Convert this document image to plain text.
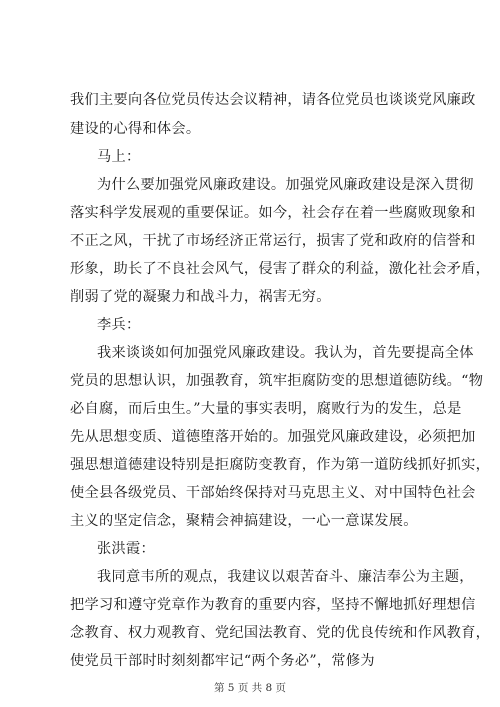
我们主要向各位党员传达会议精神，请各位党员也谈谈党风廉政
建设的心得和体会。
马上：
为什么要加强党风廉政建设。加强党风廉政建设是深入贯彻
落实科学发展观的重要保证。如今，社会存在着一些腐败现象和
不正之风，干扰了市场经济正常运行，损害了党和政府的信誉和
形象，助长了不良社会风气，侵害了群众的利益，激化社会矛盾，
削弱了党的凝聚力和战斗力，祸害无穷。
李兵：
我来谈谈如何加强党风廉政建设。我认为，首先要提高全体
党员的思想认识，加强教育，筑牢拒腐防变的思想道德防线。“物
必自腐，而后虫生。”大量的事实表明，腐败行为的发生，总是
先从思想变质、道德堕落开始的。加强党风廉政建设，必须把加
强思想道德建设特别是拒腐防变教育，作为第一道防线抓好抓实，
使全县各级党员、干部始终保持对马克思主义、对中国特色社会
主义的坚定信念，聚精会神搞建设，一心一意谋发展。
张洪霞：
我同意韦所的观点，我建议以艰苦奋斗、廉洁奉公为主题，
把学习和遵守党章作为教育的重要内容，坚持不懈地抓好理想信
念教育、权力观教育、党纪国法教育、党的优良传统和作风教育，
使党员干部时时刻刻都牢记“两个务必”，常修为
第 5 页 共 8 页
